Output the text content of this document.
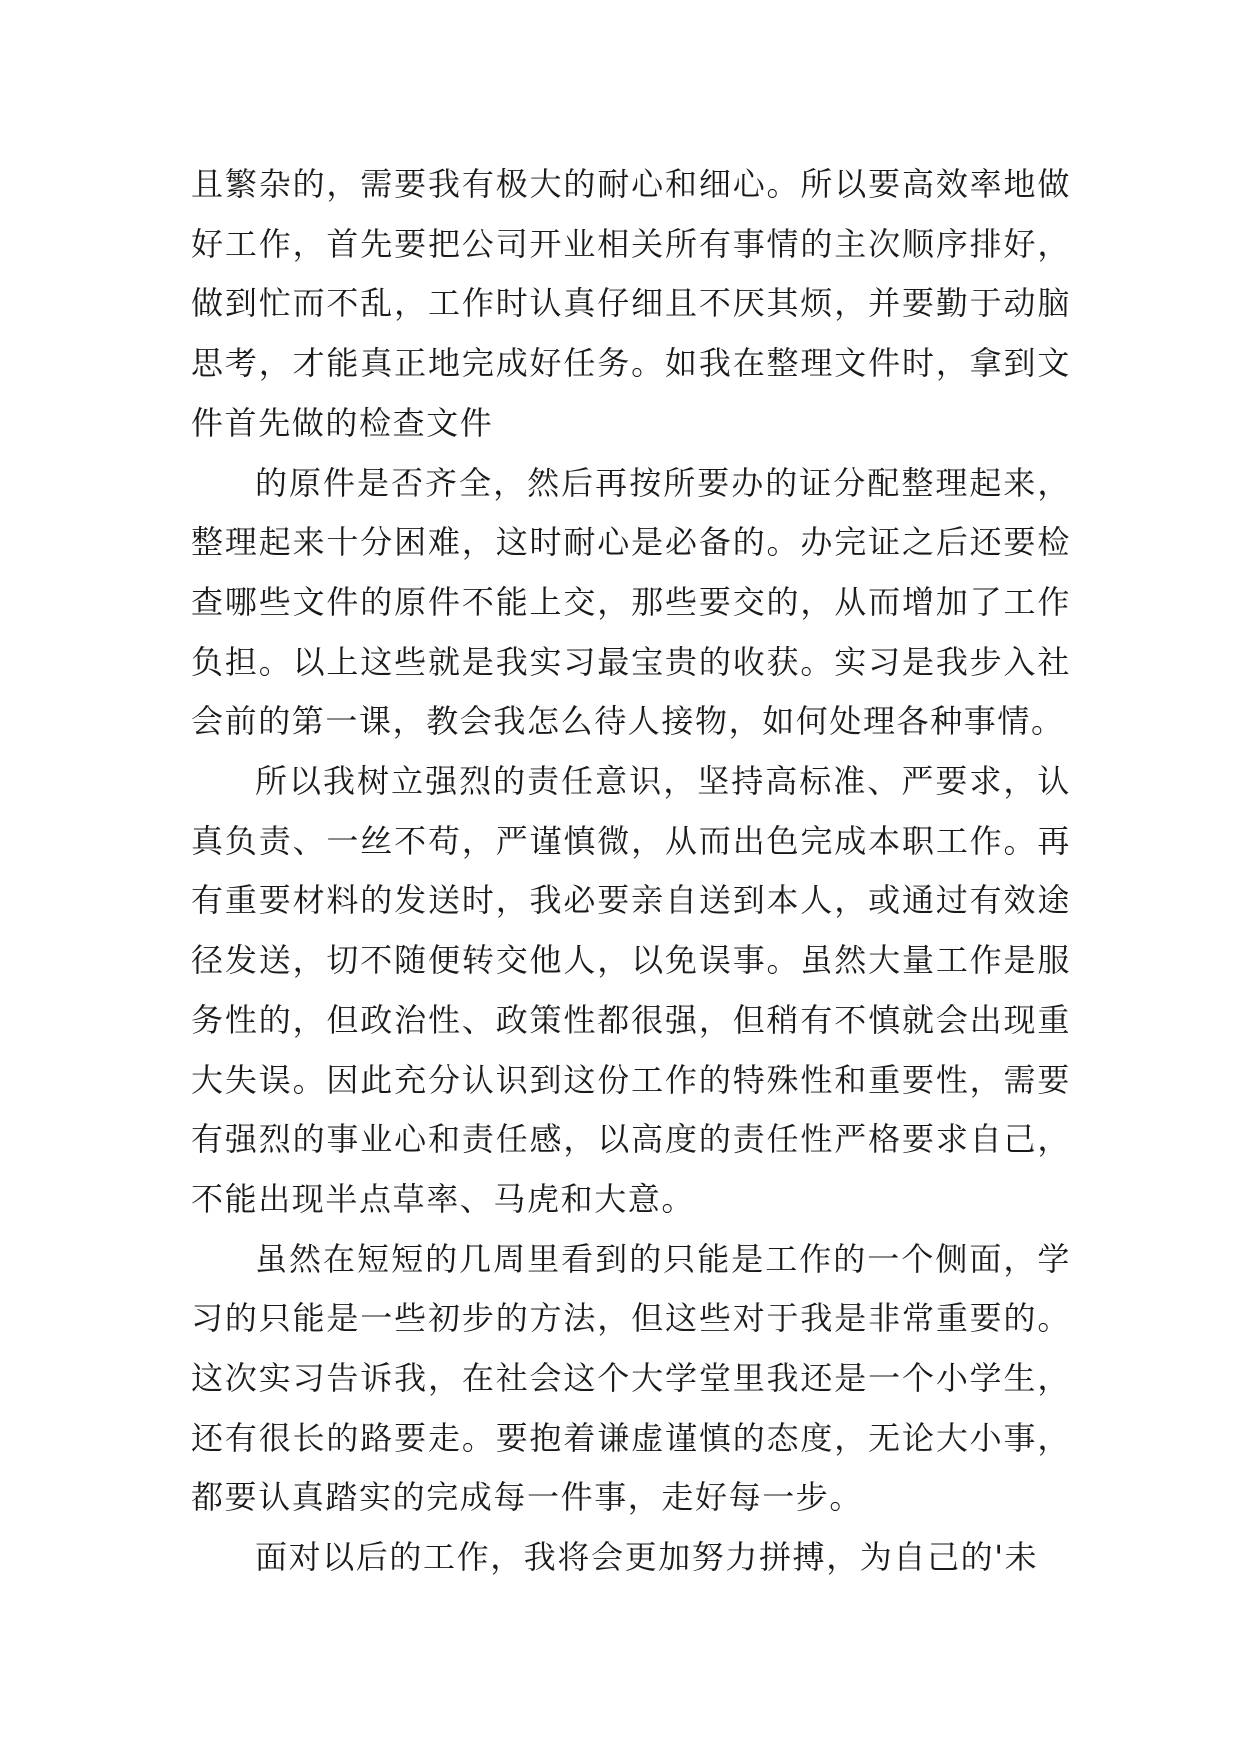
且繁杂的，需要我有极大的耐心和细心。所以要高效率地做好工作，首先要把公司开业相关所有事情的主次顺序排好，做到忙而不乱，工作时认真仔细且不厌其烦，并要勤于动脑思考，才能真正地完成好任务。如我在整理文件时，拿到文件首先做的检查文件

的原件是否齐全，然后再按所要办的证分配整理起来，整理起来十分困难，这时耐心是必备的。办完证之后还要检查哪些文件的原件不能上交，那些要交的，从而增加了工作负担。以上这些就是我实习最宝贵的收获。实习是我步入社会前的第一课，教会我怎么待人接物，如何处理各种事情。

所以我树立强烈的责任意识，坚持高标准、严要求，认真负责、一丝不苟，严谨慎微，从而出色完成本职工作。再有重要材料的发送时，我必要亲自送到本人，或通过有效途径发送，切不随便转交他人，以免误事。虽然大量工作是服务性的，但政治性、政策性都很强，但稍有不慎就会出现重大失误。因此充分认识到这份工作的特殊性和重要性，需要有强烈的事业心和责任感，以高度的责任性严格要求自己，不能出现半点草率、马虎和大意。

虽然在短短的几周里看到的只能是工作的一个侧面，学习的只能是一些初步的方法，但这些对于我是非常重要的。这次实习告诉我，在社会这个大学堂里我还是一个小学生，还有很长的路要走。要抱着谦虚谨慎的态度，无论大小事，都要认真踏实的完成每一件事，走好每一步。

面对以后的工作，我将会更加努力拼搏，为自己的'未
